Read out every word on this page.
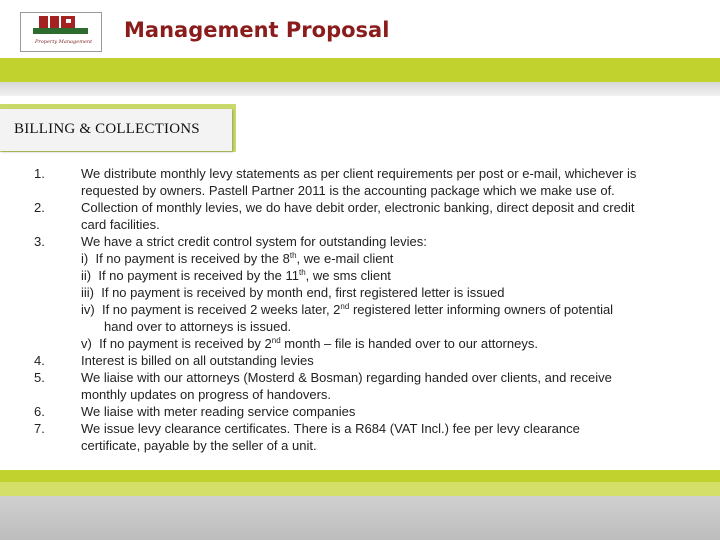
Property Management Management Proposal
BILLING & COLLECTIONS
1.	We distribute monthly levy statements as per client requirements per post or e-mail, whichever is
requested by owners. Pastell Partner 2011 is the accounting package which we make use of.
2.	Collection of monthly levies, we do have debit order, electronic banking, direct deposit and credit
card facilities.
3.	We have a strict credit control system for outstanding levies:
i) If no payment is received by the 8th, we e-mail client
ii) If no payment is received by the 11th, we sms client
iii) If no payment is received by month end, first registered letter is issued
iv) If no payment is received 2 weeks later, 2nd registered letter informing owners of potential
hand over to attorneys is issued.
v) If no payment is received by 2nd month – file is handed over to our attorneys.
4.	Interest is billed on all outstanding levies
5.	We liaise with our attorneys (Mosterd & Bosman) regarding handed over clients, and receive
monthly updates on progress of handovers.
6.	We liaise with meter reading service companies
7.	We issue levy clearance certificates. There is a R684 (VAT Incl.) fee per levy clearance
certificate, payable by the seller of a unit.
